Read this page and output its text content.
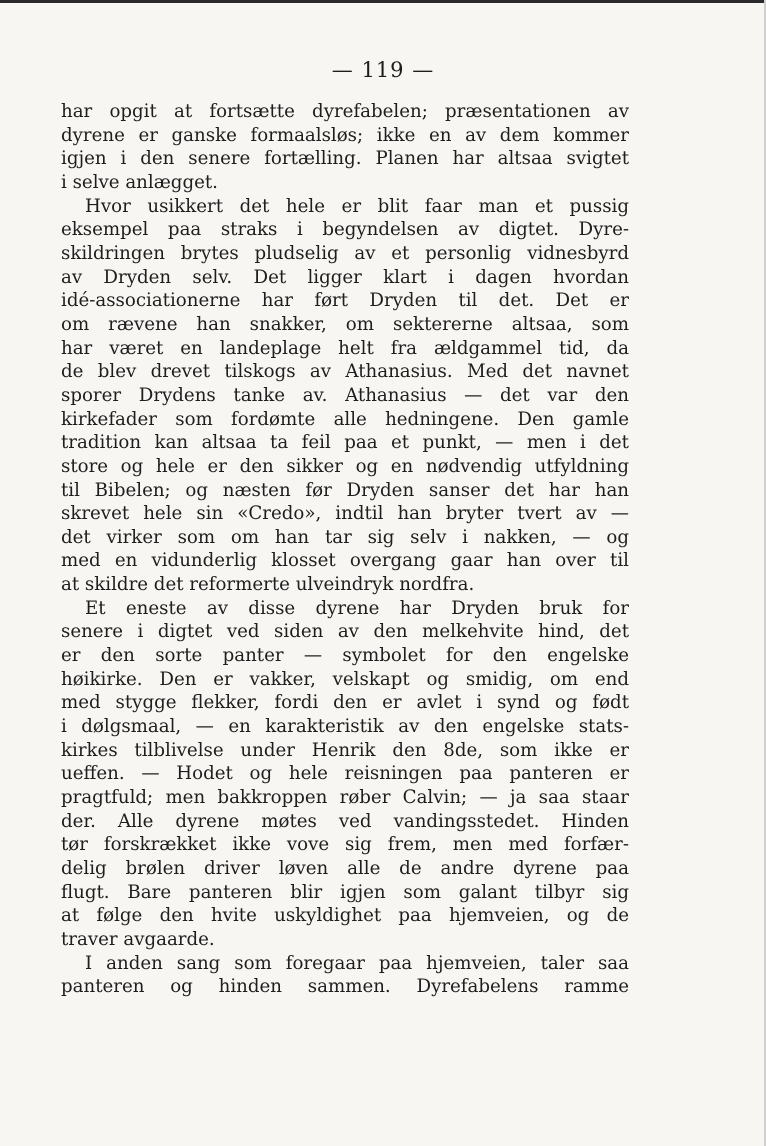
— 119 —
har opgit at fortsætte dyrefabelen; præsentationen av
dyrene er ganske formaalsløs; ikke en av dem kommer
igjen i den senere fortælling. Planen har altsaa svigtet
i selve anlægget.
Hvor usikkert det hele er blit faar man et pussig
eksempel paa straks i begyndelsen av digtet. Dyre-
skildringen brytes pludselig av et personlig vidnesbyrd
av Dryden selv. Det ligger klart i dagen hvordan
idé-associationerne har ført Dryden til det. Det er
om rævene han snakker, om sektererne altsaa, som
har været en landeplage helt fra ældgammel tid, da
de blev drevet tilskogs av Athanasius. Med det navnet
sporer Drydens tanke av. Athanasius — det var den
kirkefader som fordømte alle hedningene. Den gamle
tradition kan altsaa ta feil paa et punkt, — men i det
store og hele er den sikker og en nødvendig utfyldning
til Bibelen; og næsten før Dryden sanser det har han
skrevet hele sin «Credo», indtil han bryter tvert av —
det virker som om han tar sig selv i nakken, — og
med en vidunderlig klosset overgang gaar han over til
at skildre det reformerte ulveindryk nordfra.
Et eneste av disse dyrene har Dryden bruk for
senere i digtet ved siden av den melkehvite hind, det
er den sorte panter — symbolet for den engelske
høikirke. Den er vakker, velskapt og smidig, om end
med stygge flekker, fordi den er avlet i synd og født
i dølgsmaal, — en karakteristik av den engelske stats-
kirkes tilblivelse under Henrik den 8de, som ikke er
ueffen. — Hodet og hele reisningen paa panteren er
pragtfuld; men bakkroppen røber Calvin; — ja saa staar
der. Alle dyrene møtes ved vandingsstedet. Hinden
tør forskrækket ikke vove sig frem, men med forfær-
delig brølen driver løven alle de andre dyrene paa
flugt. Bare panteren blir igjen som galant tilbyr sig
at følge den hvite uskyldighet paa hjemveien, og de
traver avgaarde.
I anden sang som foregaar paa hjemveien, taler saa
panteren og hinden sammen. Dyrefabelens ramme
